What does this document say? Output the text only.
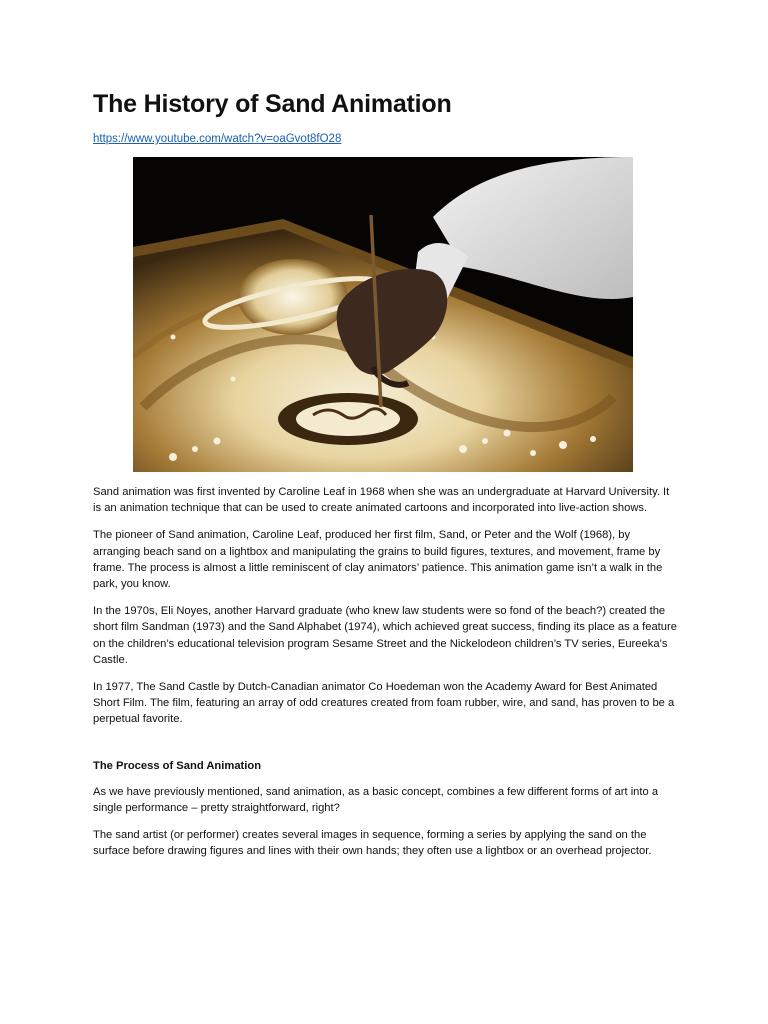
The History of Sand Animation
https://www.youtube.com/watch?v=oaGvot8fO28

Sand animation was first invented by Caroline Leaf in 1968 when she was an undergraduate at Harvard University. It is an animation technique that can be used to create animated cartoons and incorporated into live-action shows.

The pioneer of Sand animation, Caroline Leaf, produced her first film, Sand, or Peter and the Wolf (1968), by arranging beach sand on a lightbox and manipulating the grains to build figures, textures, and movement, frame by frame. The process is almost a little reminiscent of clay animators’ patience. This animation game isn’t a walk in the park, you know.

In the 1970s, Eli Noyes, another Harvard graduate (who knew law students were so fond of the beach?) created the short film Sandman (1973) and the Sand Alphabet (1974), which achieved great success, finding its place as a feature on the children’s educational television program Sesame Street and the Nickelodeon children’s TV series, Eureeka’s Castle.

In 1977, The Sand Castle by Dutch-Canadian animator Co Hoedeman won the Academy Award for Best Animated Short Film. The film, featuring an array of odd creatures created from foam rubber, wire, and sand, has proven to be a perpetual favorite.

The Process of Sand Animation

As we have previously mentioned, sand animation, as a basic concept, combines a few different forms of art into a single performance – pretty straightforward, right?

The sand artist (or performer) creates several images in sequence, forming a series by applying the sand on the surface before drawing figures and lines with their own hands; they often use a lightbox or an overhead projector.
